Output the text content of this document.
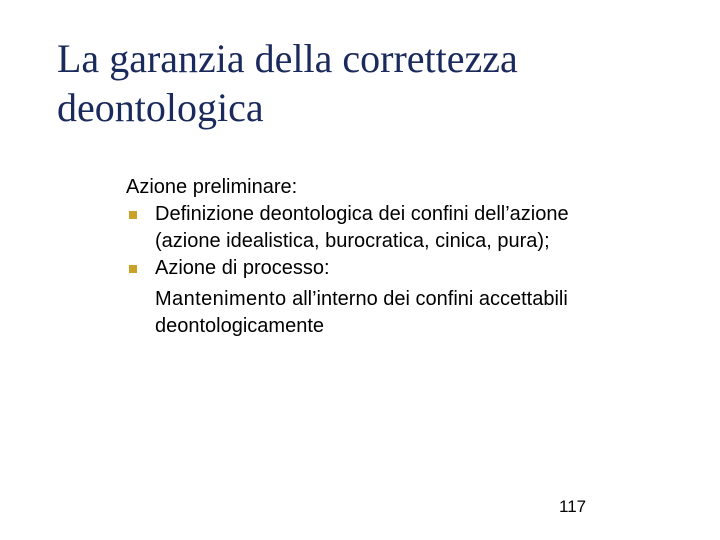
La garanzia della correttezza deontologica

Azione preliminare:

Definizione deontologica dei confini dell’azione (azione idealistica, burocratica, cinica, pura);
Azione di processo:
Mantenimento all’interno dei confini accettabili deontologicamente
117
